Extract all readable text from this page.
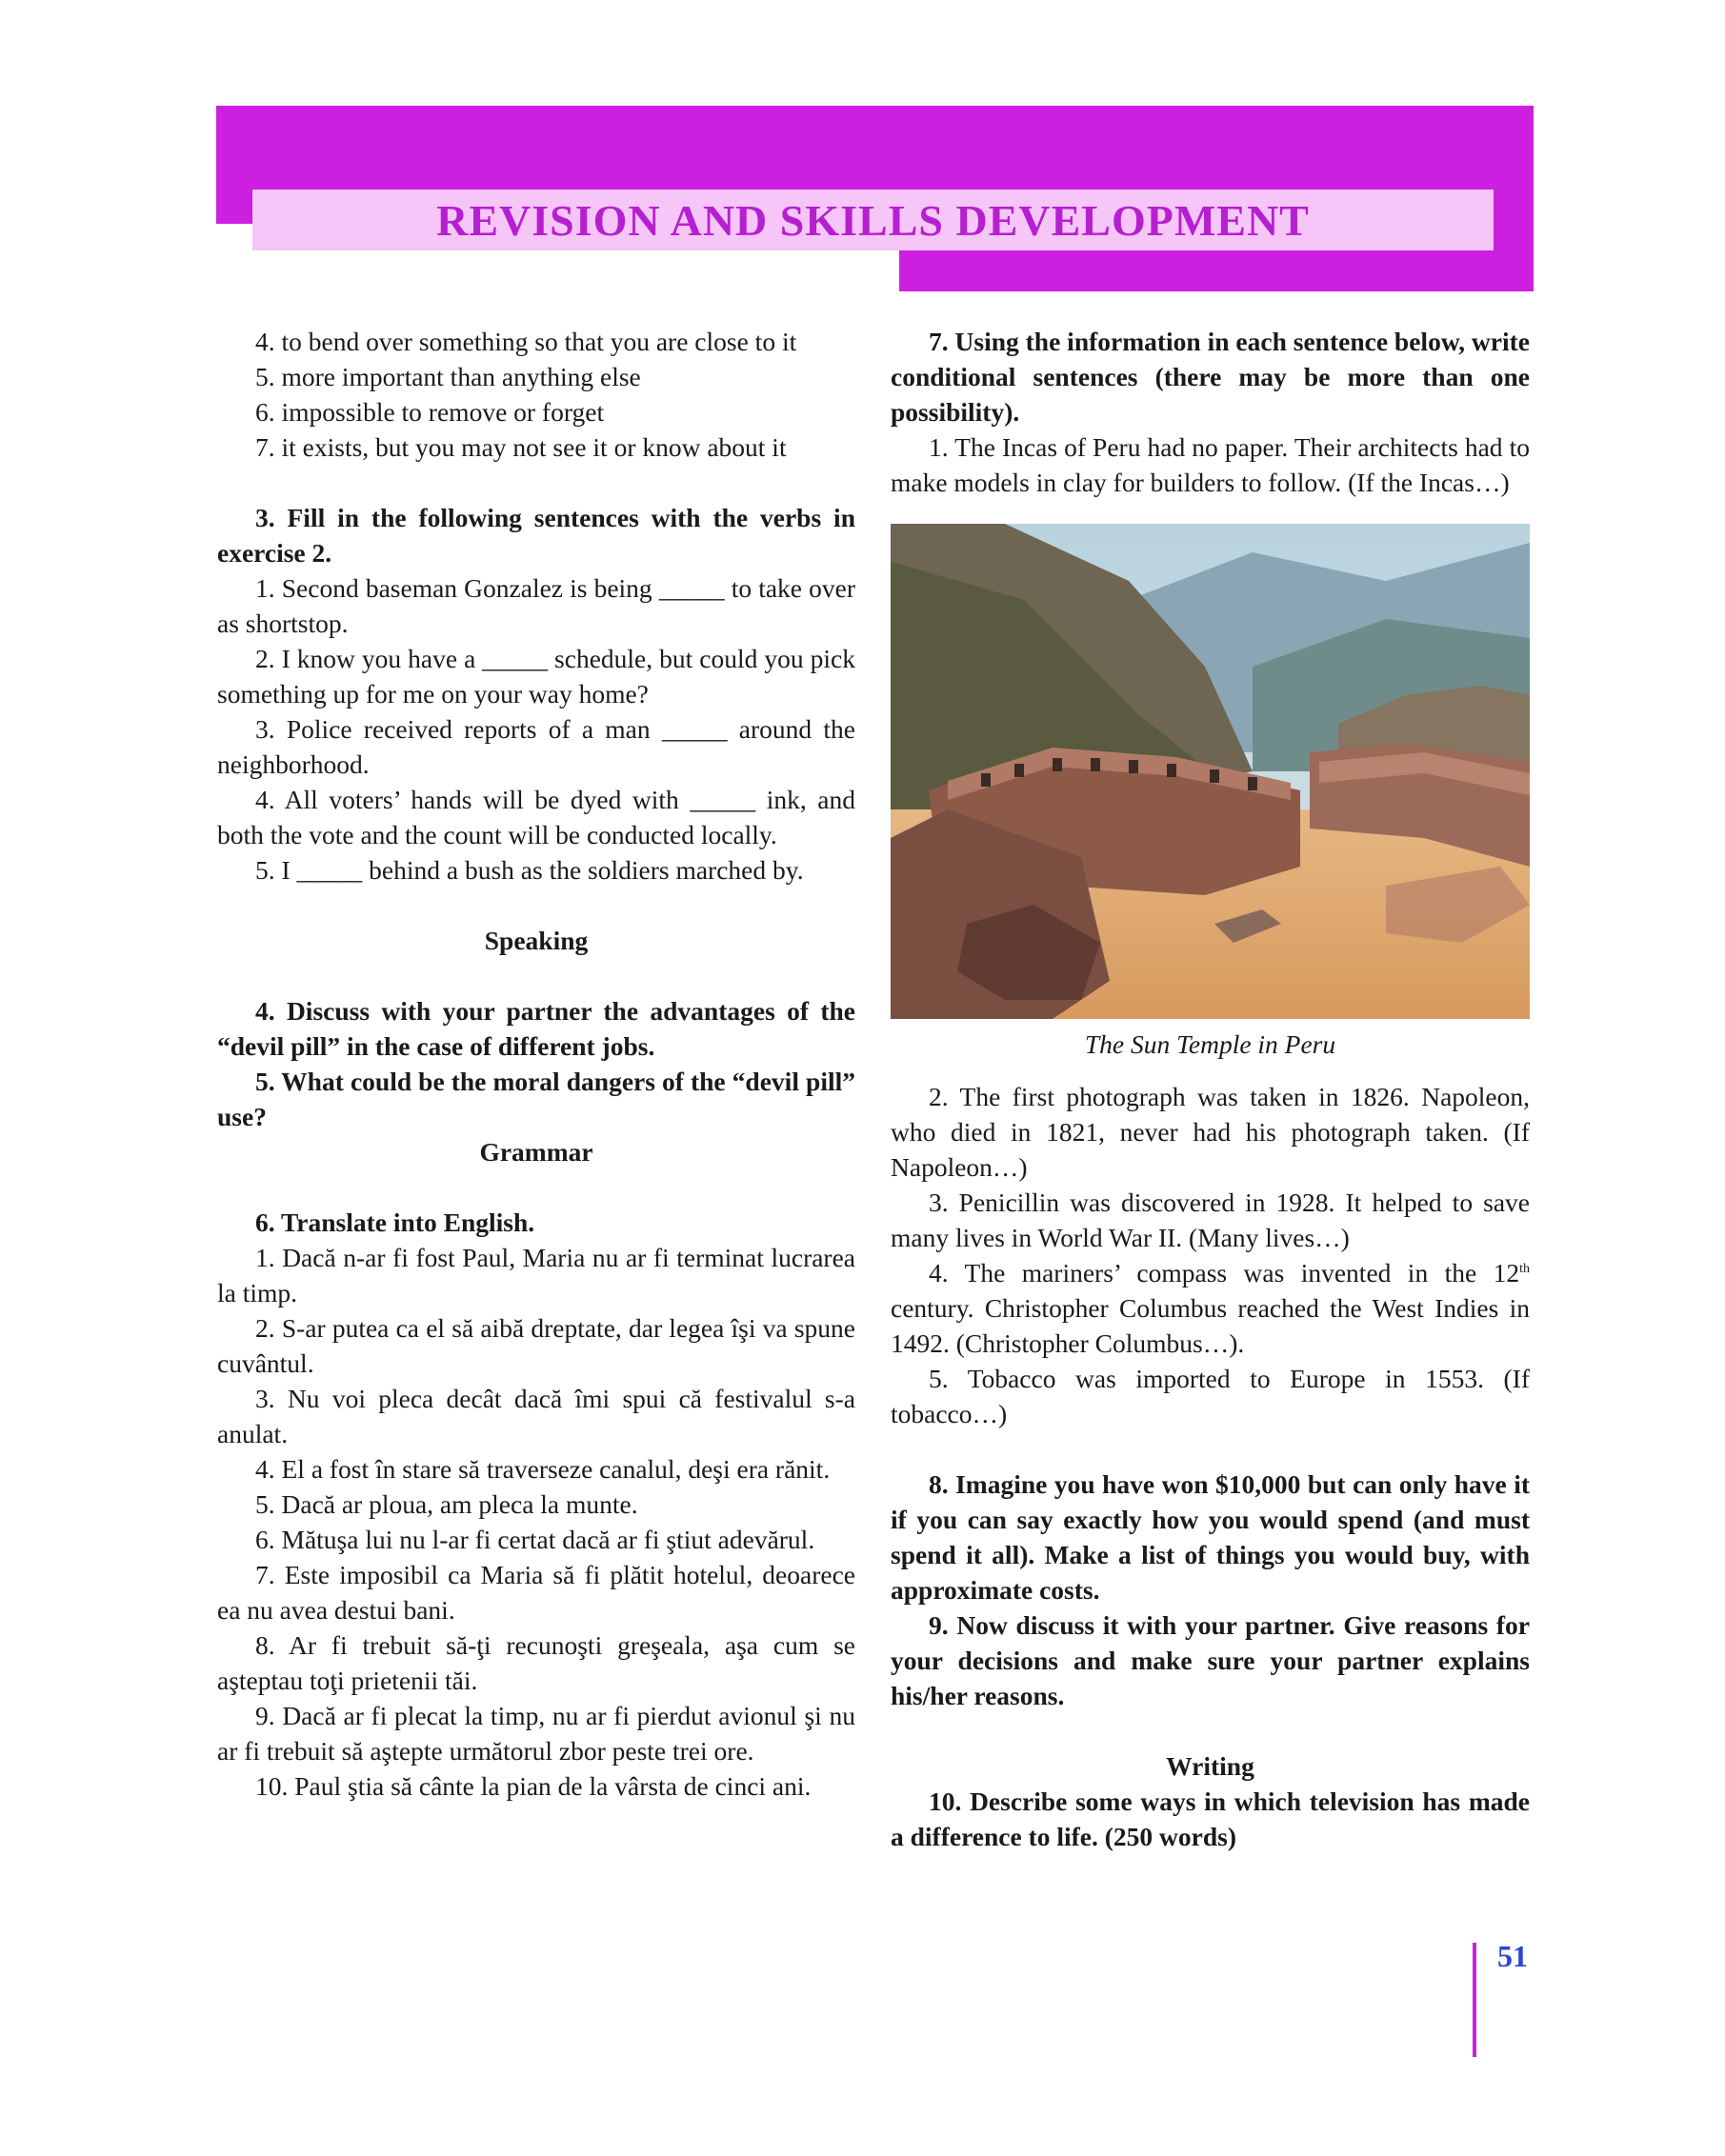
REVISION AND SKILLS DEVELOPMENT

4. to bend over something so that you are close to it

5. more important than anything else

6. impossible to remove or forget

7. it exists, but you may not see it or know about it

3. Fill in the following sentences with the verbs in exercise 2.

1. Second baseman Gonzalez is being _____ to take over as shortstop.

2. I know you have a _____ schedule, but could you pick something up for me on your way home?

3. Police received reports of a man _____ around the neighborhood.

4. All voters’ hands will be dyed with _____ ink, and both the vote and the count will be conducted locally.

5. I _____ behind a bush as the soldiers marched by.

Speaking

4. Discuss with your partner the advantages of the “devil pill” in the case of different jobs.

5. What could be the moral dangers of the “devil pill” use?

Grammar

6. Translate into English.

1. Dacă n-ar fi fost Paul, Maria nu ar fi terminat lucrarea la timp.

2. S-ar putea ca el să aibă dreptate, dar legea îşi va spune cuvântul.

3. Nu voi pleca decât dacă îmi spui că festivalul s-a anulat.

4. El a fost în stare să traverseze canalul, deşi era rănit.

5. Dacă ar ploua, am pleca la munte.

6. Mătuşa lui nu l-ar fi certat dacă ar fi ştiut adevărul.

7. Este imposibil ca Maria să fi plătit hotelul, deoarece ea nu avea destui bani.

8. Ar fi trebuit să-ţi recunoşti greşeala, aşa cum se aşteptau toţi prietenii tăi.

9. Dacă ar fi plecat la timp, nu ar fi pierdut avionul şi nu ar fi trebuit să aştepte următorul zbor peste trei ore.

10. Paul ştia să cânte la pian de la vârsta de cinci ani.

7. Using the information in each sentence below, write conditional sentences (there may be more than one possibility).

1. The Incas of Peru had no paper. Their architects had to make models in clay for builders to follow. (If the Incas…)

The Sun Temple in Peru

2. The first photograph was taken in 1826. Napoleon, who died in 1821, never had his photograph taken. (If Napoleon…)

3. Penicillin was discovered in 1928. It helped to save many lives in World War II. (Many lives…)

4. The mariners’ compass was invented in the 12th century. Christopher Columbus reached the West Indies in 1492. (Christopher Columbus…).

5. Tobacco was imported to Europe in 1553. (If tobacco…)

8. Imagine you have won $10,000 but can only have it if you can say exactly how you would spend (and must spend it all). Make a list of things you would buy, with approximate costs.

9. Now discuss it with your partner. Give reasons for your decisions and make sure your partner explains his/her reasons.

Writing

10. Describe some ways in which television has made a difference to life. (250 words)

51
